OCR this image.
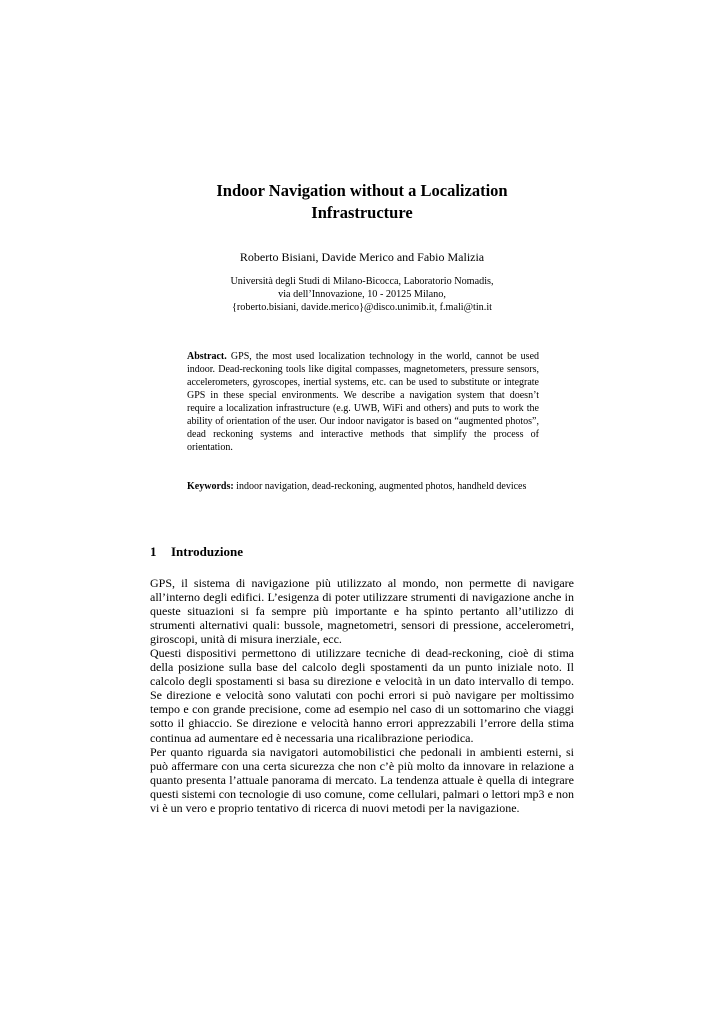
Indoor Navigation without a Localization
Infrastructure
Roberto Bisiani, Davide Merico and Fabio Malizia
Università degli Studi di Milano-Bicocca, Laboratorio Nomadis,
via dell’Innovazione, 10 - 20125 Milano,
{roberto.bisiani, davide.merico}@disco.unimib.it, f.mali@tin.it
Abstract. GPS, the most used localization technology in the world, cannot be used indoor. Dead-reckoning tools like digital compasses, magnetometers, pressure sensors, accelerometers, gyroscopes, inertial systems, etc. can be used to substitute or integrate GPS in these special environments. We describe a navigation system that doesn’t require a localization infrastructure (e.g. UWB, WiFi and others) and puts to work the ability of orientation of the user. Our indoor navigator is based on “augmented photos”, dead reckoning systems and interactive methods that simplify the process of orientation.
Keywords: indoor navigation, dead-reckoning, augmented photos, handheld devices
1 Introduzione

GPS, il sistema di navigazione più utilizzato al mondo, non permette di navigare all’interno degli edifici. L’esigenza di poter utilizzare strumenti di navigazione anche in queste situazioni si fa sempre più importante e ha spinto pertanto all’utilizzo di strumenti alternativi quali: bussole, magnetometri, sensori di pressione, accelerometri, giroscopi, unità di misura inerziale, ecc.

Questi dispositivi permettono di utilizzare tecniche di dead-reckoning, cioè di stima della posizione sulla base del calcolo degli spostamenti da un punto iniziale noto. Il calcolo degli spostamenti si basa su direzione e velocità in un dato intervallo di tempo. Se direzione e velocità sono valutati con pochi errori si può navigare per moltissimo tempo e con grande precisione, come ad esempio nel caso di un sottomarino che viaggi sotto il ghiaccio. Se direzione e velocità hanno errori apprezzabili l’errore della stima continua ad aumentare ed è necessaria una ricalibrazione periodica.

Per quanto riguarda sia navigatori automobilistici che pedonali in ambienti esterni, si può affermare con una certa sicurezza che non c’è più molto da innovare in relazione a quanto presenta l’attuale panorama di mercato. La tendenza attuale è quella di integrare questi sistemi con tecnologie di uso comune, come cellulari, palmari o lettori mp3 e non vi è un vero e proprio tentativo di ricerca di nuovi metodi per la navigazione.
